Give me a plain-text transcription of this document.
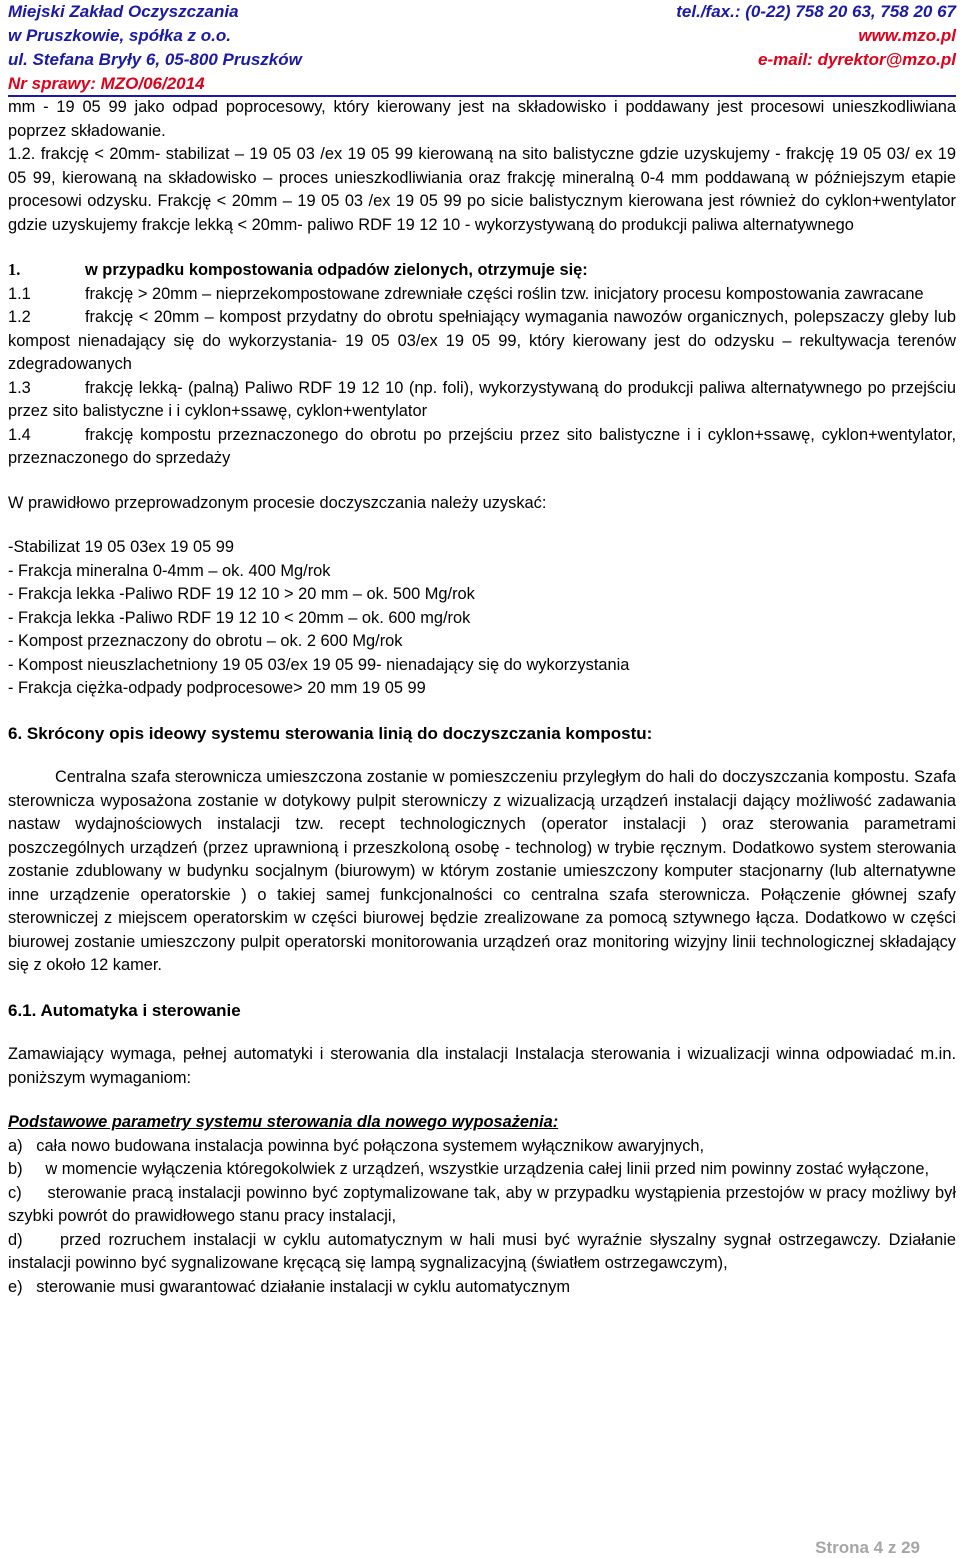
Miejski Zakład Oczyszczania	tel./fax.: (0-22) 758 20 63, 758 20 67
w Pruszkowie, spółka z o.o.	www.mzo.pl
ul. Stefana Bryły 6, 05-800 Pruszków	e-mail: dyrektor@mzo.pl
Nr sprawy: MZO/06/2014

mm - 19 05 99 jako odpad poprocesowy, który kierowany jest na składowisko i poddawany jest procesowi unieszkodliwiana poprzez składowanie.

1.2. frakcję < 20mm- stabilizat – 19 05 03 /ex 19 05 99 kierowaną na sito balistyczne gdzie uzyskujemy - frakcję 19 05 03/ ex 19 05 99, kierowaną na składowisko – proces unieszkodliwiania oraz frakcję mineralną 0-4 mm poddawaną w późniejszym etapie procesowi odzysku. Frakcję < 20mm – 19 05 03 /ex 19 05 99 po sicie balistycznym kierowana jest również do cyklon+wentylator gdzie uzyskujemy frakcje lekką < 20mm- paliwo RDF 19 12 10 - wykorzystywaną do produkcji paliwa alternatywnego

1.	w przypadku kompostowania odpadów zielonych, otrzymuje się:

1.1	frakcję > 20mm – nieprzekompostowane zdrewniałe części roślin tzw. inicjatory procesu kompostowania zawracane

1.2	frakcję < 20mm – kompost przydatny do obrotu spełniający wymagania nawozów organicznych, polepszaczy gleby lub kompost nienadający się do wykorzystania- 19 05 03/ex 19 05 99, który kierowany jest do odzysku – rekultywacja terenów zdegradowanych

1.3	frakcję lekką- (palną) Paliwo RDF 19 12 10 (np. foli), wykorzystywaną do produkcji paliwa alternatywnego po przejściu przez sito balistyczne i i cyklon+ssawę, cyklon+wentylator

1.4	frakcję kompostu przeznaczonego do obrotu po przejściu przez sito balistyczne i i cyklon+ssawę, cyklon+wentylator, przeznaczonego do sprzedaży

W prawidłowo przeprowadzonym procesie doczyszczania należy uzyskać:

-Stabilizat 19 05 03ex 19 05 99

- Frakcja mineralna 0-4mm – ok. 400 Mg/rok

- Frakcja lekka -Paliwo RDF 19 12 10 > 20 mm – ok. 500 Mg/rok

- Frakcja lekka -Paliwo RDF 19 12 10 < 20mm – ok. 600 mg/rok

- Kompost przeznaczony do obrotu – ok. 2 600 Mg/rok

- Kompost nieuszlachetniony 19 05 03/ex 19 05 99- nienadający się do wykorzystania

- Frakcja ciężka-odpady podprocesowe> 20 mm 19 05 99

6. Skrócony opis ideowy systemu sterowania linią do doczyszczania kompostu:

Centralna szafa sterownicza umieszczona zostanie w pomieszczeniu przyległym do hali do doczyszczania kompostu. Szafa sterownicza wyposażona zostanie w dotykowy pulpit sterowniczy z wizualizacją urządzeń instalacji dający możliwość zadawania nastaw wydajnościowych instalacji tzw. recept technologicznych (operator instalacji ) oraz sterowania parametrami poszczególnych urządzeń (przez uprawnioną i przeszkoloną osobę - technolog) w trybie ręcznym. Dodatkowo system sterowania zostanie zdublowany w budynku socjalnym (biurowym) w którym zostanie umieszczony komputer stacjonarny (lub alternatywne inne urządzenie operatorskie ) o takiej samej funkcjonalności co centralna szafa sterownicza. Połączenie głównej szafy sterowniczej z miejscem operatorskim w części biurowej będzie zrealizowane za pomocą sztywnego łącza. Dodatkowo w części biurowej zostanie umieszczony pulpit operatorski monitorowania urządzeń oraz monitoring wizyjny linii technologicznej składający się z około 12 kamer.

6.1. Automatyka i sterowanie

Zamawiający wymaga, pełnej automatyki i sterowania dla instalacji Instalacja sterowania i wizualizacji winna odpowiadać m.in. poniższym wymaganiom:

Podstawowe parametry systemu sterowania dla nowego wyposażenia:

a) cała nowo budowana instalacja powinna być połączona systemem wyłącznikow awaryjnych,

b) w momencie wyłączenia któregokolwiek z urządzeń, wszystkie urządzenia całej linii przed nim powinny zostać wyłączone,

c) sterowanie pracą instalacji powinno być zoptymalizowane tak, aby w przypadku wystąpienia przestojów w pracy możliwy był szybki powrót do prawidłowego stanu pracy instalacji,

d) przed rozruchem instalacji w cyklu automatycznym w hali musi być wyraźnie słyszalny sygnał ostrzegawczy. Działanie instalacji powinno być sygnalizowane kręcącą się lampą sygnalizacyjną (światłem ostrzegawczym),

e) sterowanie musi gwarantować działanie instalacji w cyklu automatycznym

Strona 4 z 29
